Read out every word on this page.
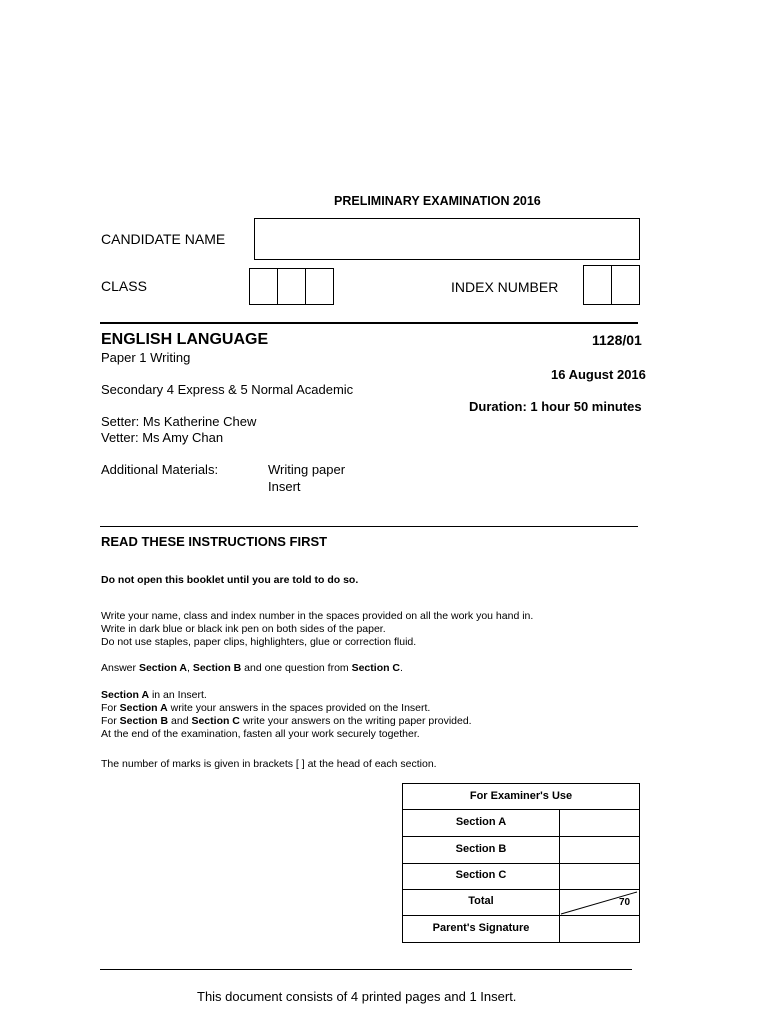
PRELIMINARY EXAMINATION 2016
CANDIDATE NAME
CLASS	INDEX NUMBER
ENGLISH LANGUAGE	1128/01
Paper 1 Writing
16 August 2016
Secondary 4 Express & 5 Normal Academic
Duration: 1 hour 50 minutes
Setter: Ms Katherine Chew
Vetter: Ms Amy Chan
Additional Materials:	Writing paper
Insert
READ THESE INSTRUCTIONS FIRST
Do not open this booklet until you are told to do so.
Write your name, class and index number in the spaces provided on all the work you hand in.
Write in dark blue or black ink pen on both sides of the paper.
Do not use staples, paper clips, highlighters, glue or correction fluid.
Answer Section A, Section B and one question from Section C.
Section A in an Insert.
For Section A write your answers in the spaces provided on the Insert.
For Section B and Section C write your answers on the writing paper provided.
At the end of the examination, fasten all your work securely together.
The number of marks is given in brackets [ ] at the head of each section.
For Examiner's Use
Section A
Section B
Section C
Total	70
Parent's Signature
This document consists of 4 printed pages and 1 Insert.
